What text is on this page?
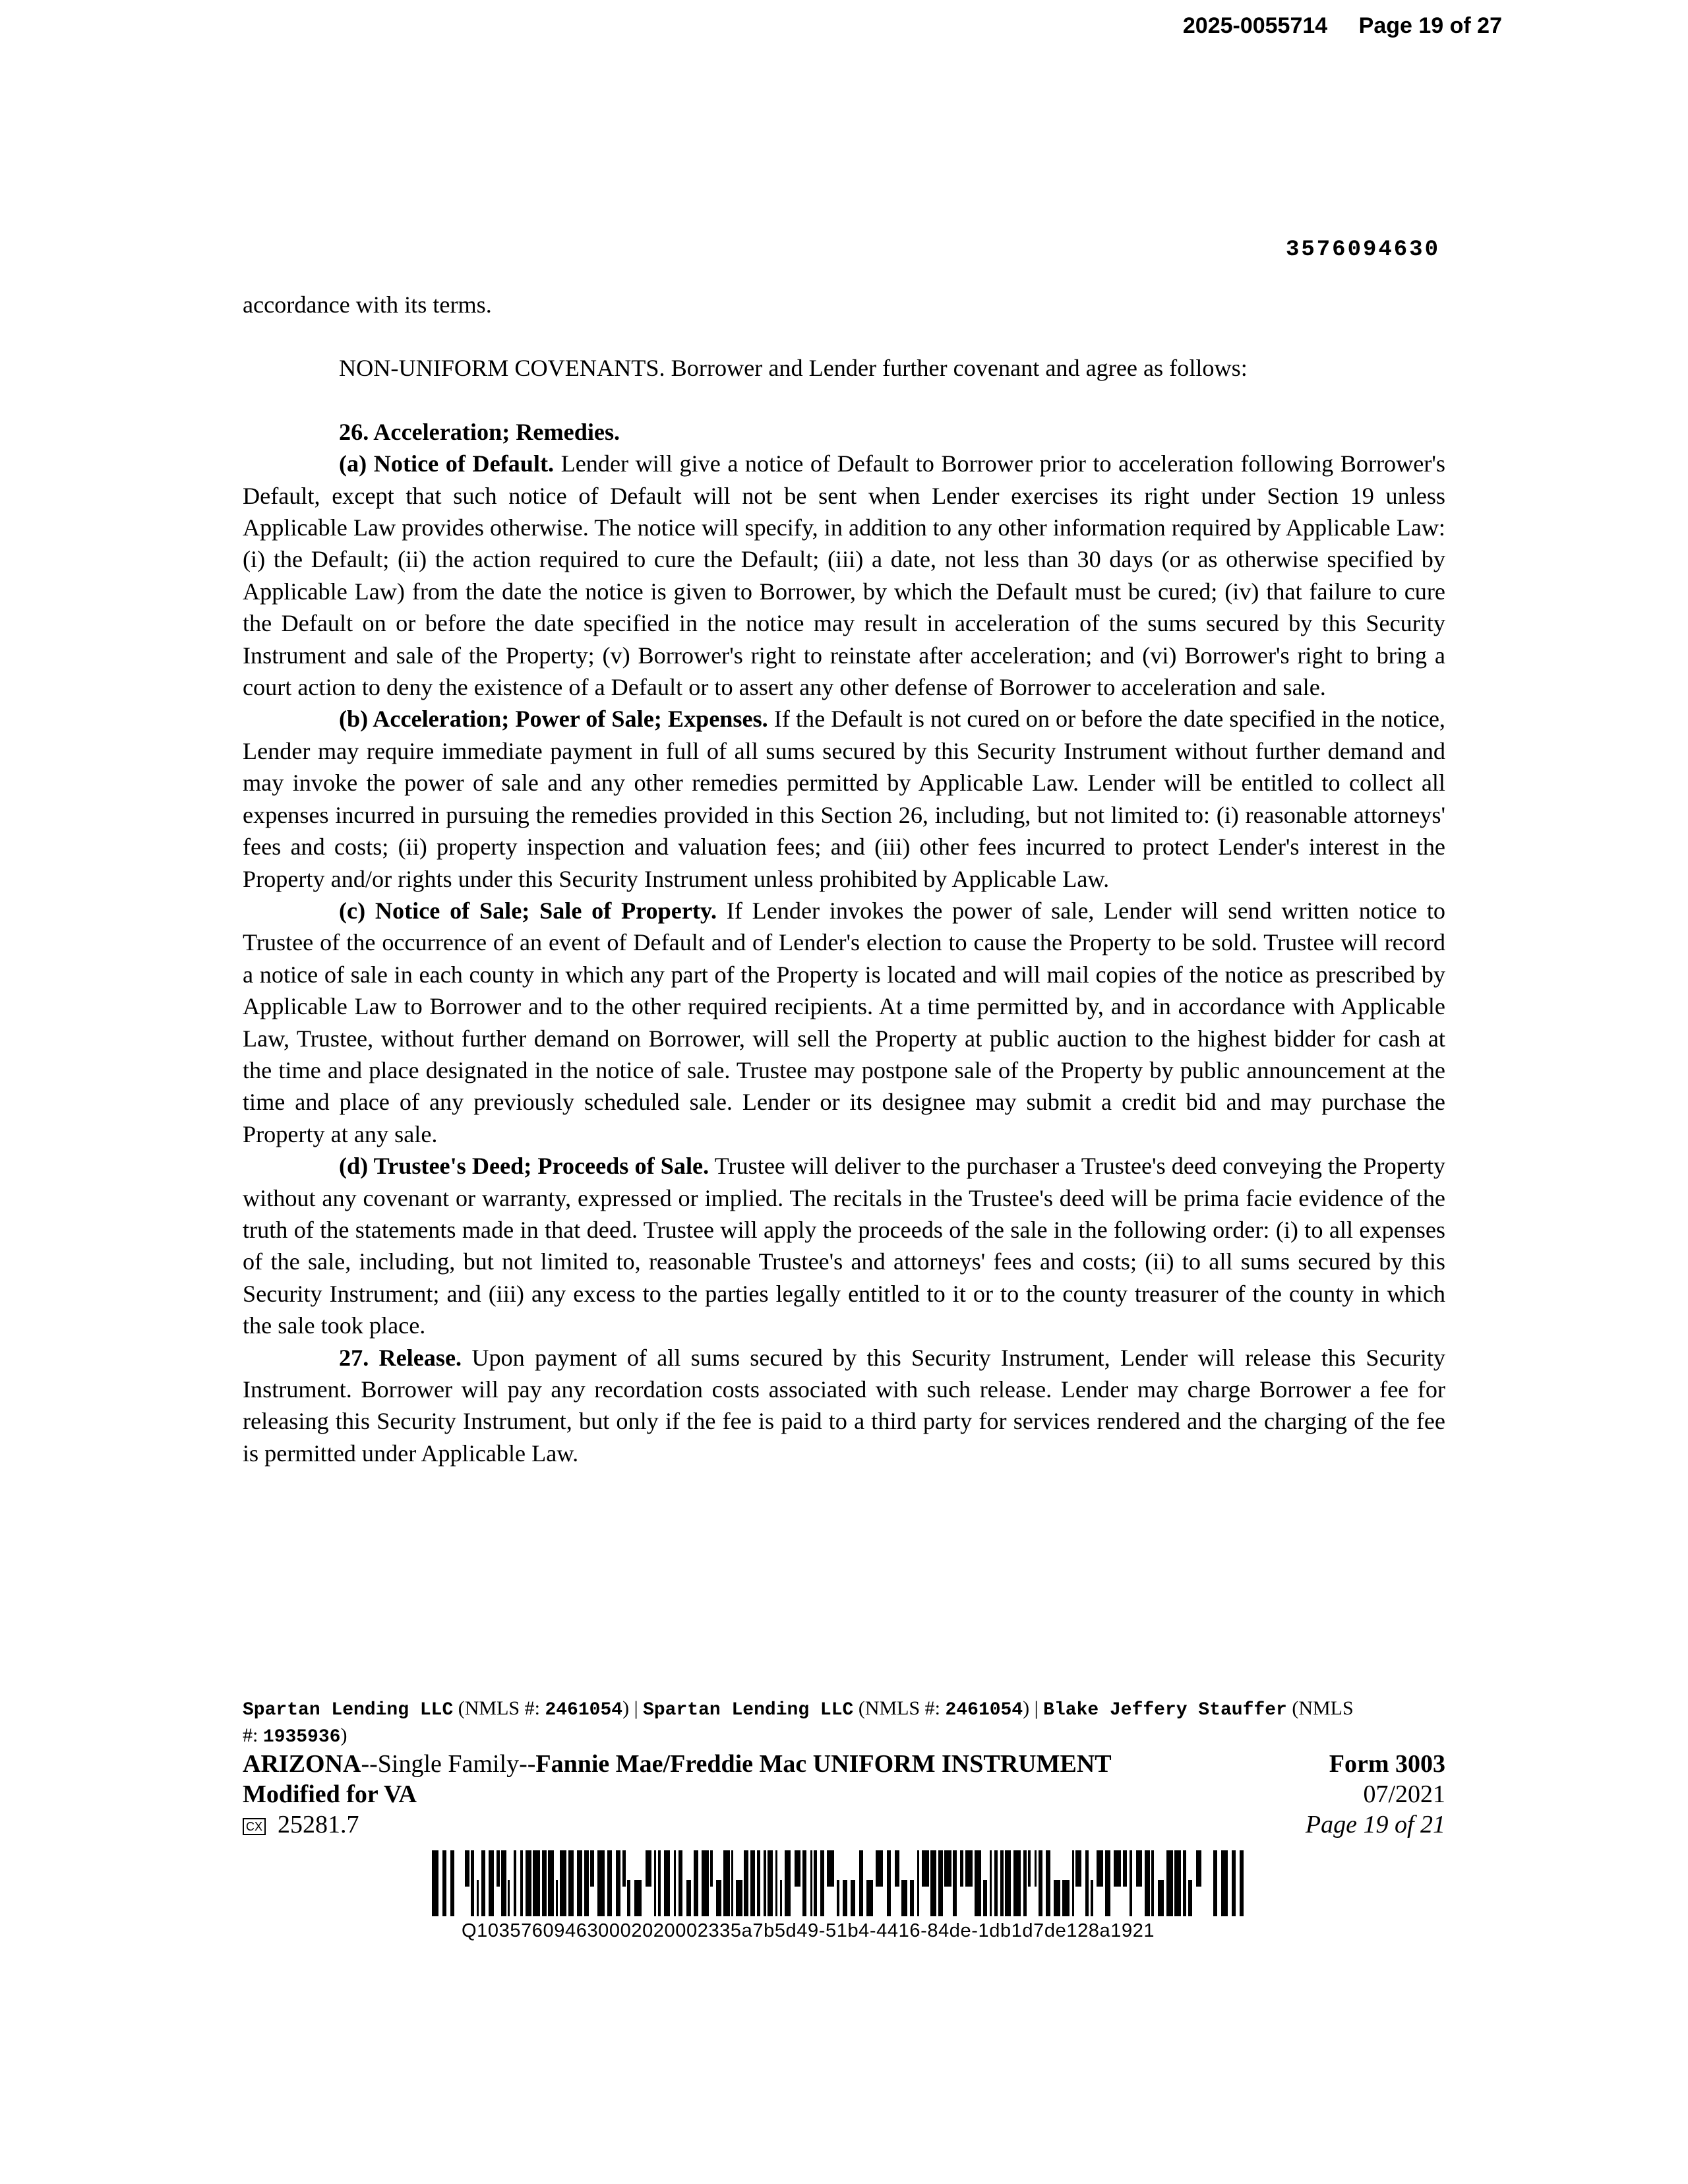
2025-0055714 Page 19 of 27
3576094630

accordance with its terms.

NON-UNIFORM COVENANTS. Borrower and Lender further covenant and agree as follows:

26. Acceleration; Remedies.

(a) Notice of Default. Lender will give a notice of Default to Borrower prior to acceleration following Borrower's Default, except that such notice of Default will not be sent when Lender exercises its right under Section 19 unless Applicable Law provides otherwise. The notice will specify, in addition to any other information required by Applicable Law: (i) the Default; (ii) the action required to cure the Default; (iii) a date, not less than 30 days (or as otherwise specified by Applicable Law) from the date the notice is given to Borrower, by which the Default must be cured; (iv) that failure to cure the Default on or before the date specified in the notice may result in acceleration of the sums secured by this Security Instrument and sale of the Property; (v) Borrower's right to reinstate after acceleration; and (vi) Borrower's right to bring a court action to deny the existence of a Default or to assert any other defense of Borrower to acceleration and sale.

(b) Acceleration; Power of Sale; Expenses. If the Default is not cured on or before the date specified in the notice, Lender may require immediate payment in full of all sums secured by this Security Instrument without further demand and may invoke the power of sale and any other remedies permitted by Applicable Law. Lender will be entitled to collect all expenses incurred in pursuing the remedies provided in this Section 26, including, but not limited to: (i) reasonable attorneys' fees and costs; (ii) property inspection and valuation fees; and (iii) other fees incurred to protect Lender's interest in the Property and/or rights under this Security Instrument unless prohibited by Applicable Law.

(c) Notice of Sale; Sale of Property. If Lender invokes the power of sale, Lender will send written notice to Trustee of the occurrence of an event of Default and of Lender's election to cause the Property to be sold. Trustee will record a notice of sale in each county in which any part of the Property is located and will mail copies of the notice as prescribed by Applicable Law to Borrower and to the other required recipients. At a time permitted by, and in accordance with Applicable Law, Trustee, without further demand on Borrower, will sell the Property at public auction to the highest bidder for cash at the time and place designated in the notice of sale. Trustee may postpone sale of the Property by public announcement at the time and place of any previously scheduled sale. Lender or its designee may submit a credit bid and may purchase the Property at any sale.

(d) Trustee's Deed; Proceeds of Sale. Trustee will deliver to the purchaser a Trustee's deed conveying the Property without any covenant or warranty, expressed or implied. The recitals in the Trustee's deed will be prima facie evidence of the truth of the statements made in that deed. Trustee will apply the proceeds of the sale in the following order: (i) to all expenses of the sale, including, but not limited to, reasonable Trustee's and attorneys' fees and costs; (ii) to all sums secured by this Security Instrument; and (iii) any excess to the parties legally entitled to it or to the county treasurer of the county in which the sale took place.

27. Release. Upon payment of all sums secured by this Security Instrument, Lender will release this Security Instrument. Borrower will pay any recordation costs associated with such release. Lender may charge Borrower a fee for releasing this Security Instrument, but only if the fee is paid to a third party for services rendered and the charging of the fee is permitted under Applicable Law.

Spartan Lending LLC (NMLS #: 2461054) | Spartan Lending LLC (NMLS #: 2461054) | Blake Jeffery Stauffer (NMLS #: 1935936)
ARIZONA--Single Family--Fannie Mae/Freddie Mac UNIFORM INSTRUMENT
Modified for VA
CX 25281.7
Form 3003
07/2021
Page 19 of 21
Q103576094630002020002335a7b5d49-51b4-4416-84de-1db1d7de128a1921
